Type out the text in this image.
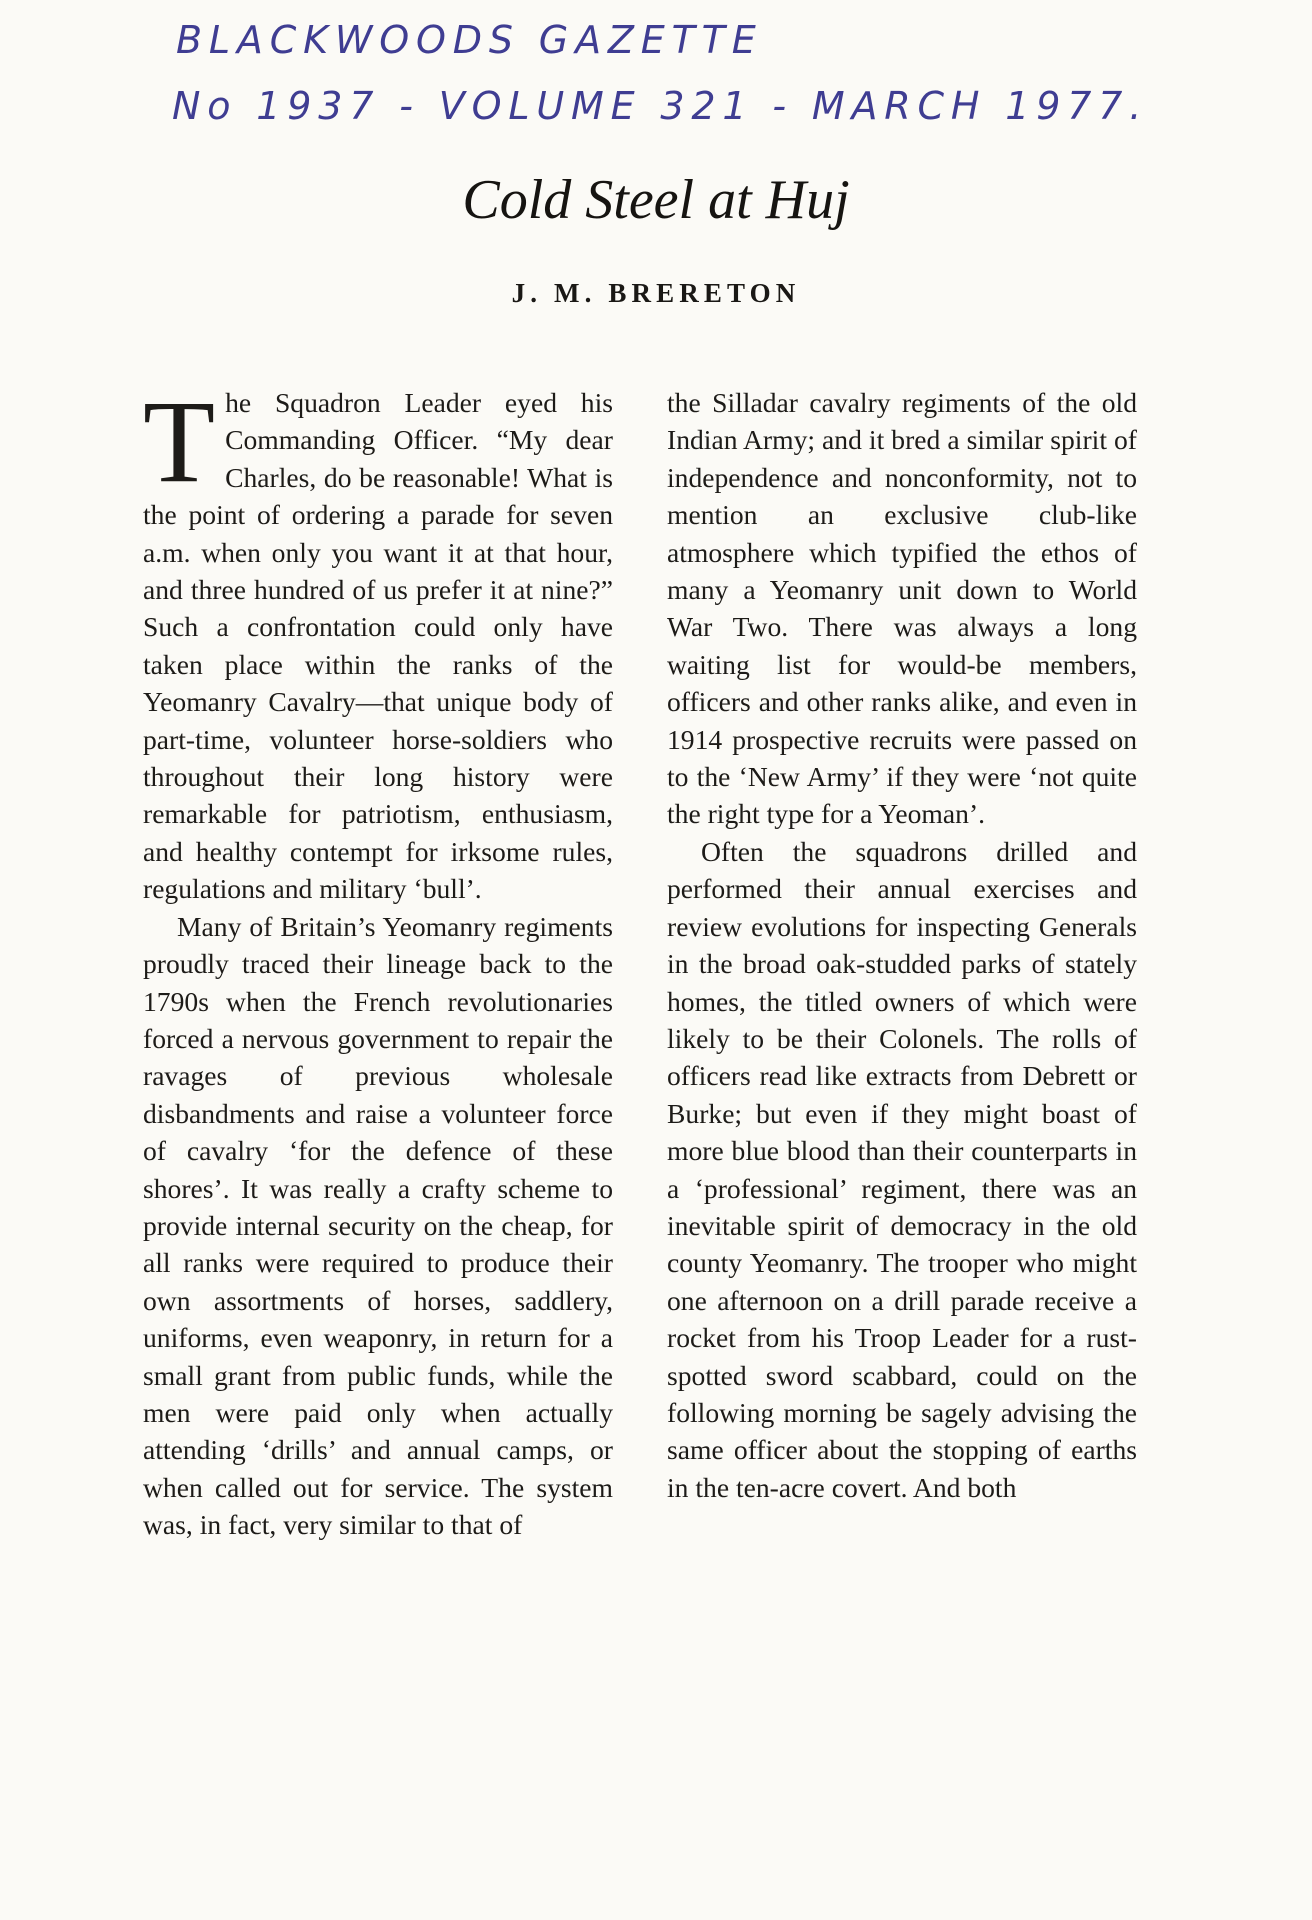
BLACKWOODS GAZETTE
No 1937 - VOLUME 321 - MARCH 1977.
Cold Steel at Huj
J. M. BRERETON

The Squadron Leader eyed his Commanding Officer. “My dear Charles, do be reasonable! What is the point of ordering a parade for seven a.m. when only you want it at that hour, and three hundred of us prefer it at nine?” Such a confrontation could only have taken place within the ranks of the Yeomanry Cavalry—that unique body of part-time, volunteer horse-soldiers who throughout their long history were remarkable for patriotism, enthusiasm, and healthy contempt for irksome rules, regulations and military ‘bull’.

Many of Britain’s Yeomanry regiments proudly traced their lineage back to the 1790s when the French revolutionaries forced a nervous government to repair the ravages of previous wholesale disbandments and raise a volunteer force of cavalry ‘for the defence of these shores’. It was really a crafty scheme to provide internal security on the cheap, for all ranks were required to produce their own assortments of horses, saddlery, uniforms, even weaponry, in return for a small grant from public funds, while the men were paid only when actually attending ‘drills’ and annual camps, or when called out for service. The system was, in fact, very similar to that of

the Silladar cavalry regiments of the old Indian Army; and it bred a similar spirit of independence and nonconformity, not to mention an exclusive club-like atmosphere which typified the ethos of many a Yeomanry unit down to World War Two. There was always a long waiting list for would-be members, officers and other ranks alike, and even in 1914 prospective recruits were passed on to the ‘New Army’ if they were ‘not quite the right type for a Yeoman’.

Often the squadrons drilled and performed their annual exercises and review evolutions for inspecting Generals in the broad oak-studded parks of stately homes, the titled owners of which were likely to be their Colonels. The rolls of officers read like extracts from Debrett or Burke; but even if they might boast of more blue blood than their counterparts in a ‘professional’ regiment, there was an inevitable spirit of democracy in the old county Yeomanry. The trooper who might one afternoon on a drill parade receive a rocket from his Troop Leader for a rust-spotted sword scabbard, could on the following morning be sagely advising the same officer about the stopping of earths in the ten-acre covert. And both
